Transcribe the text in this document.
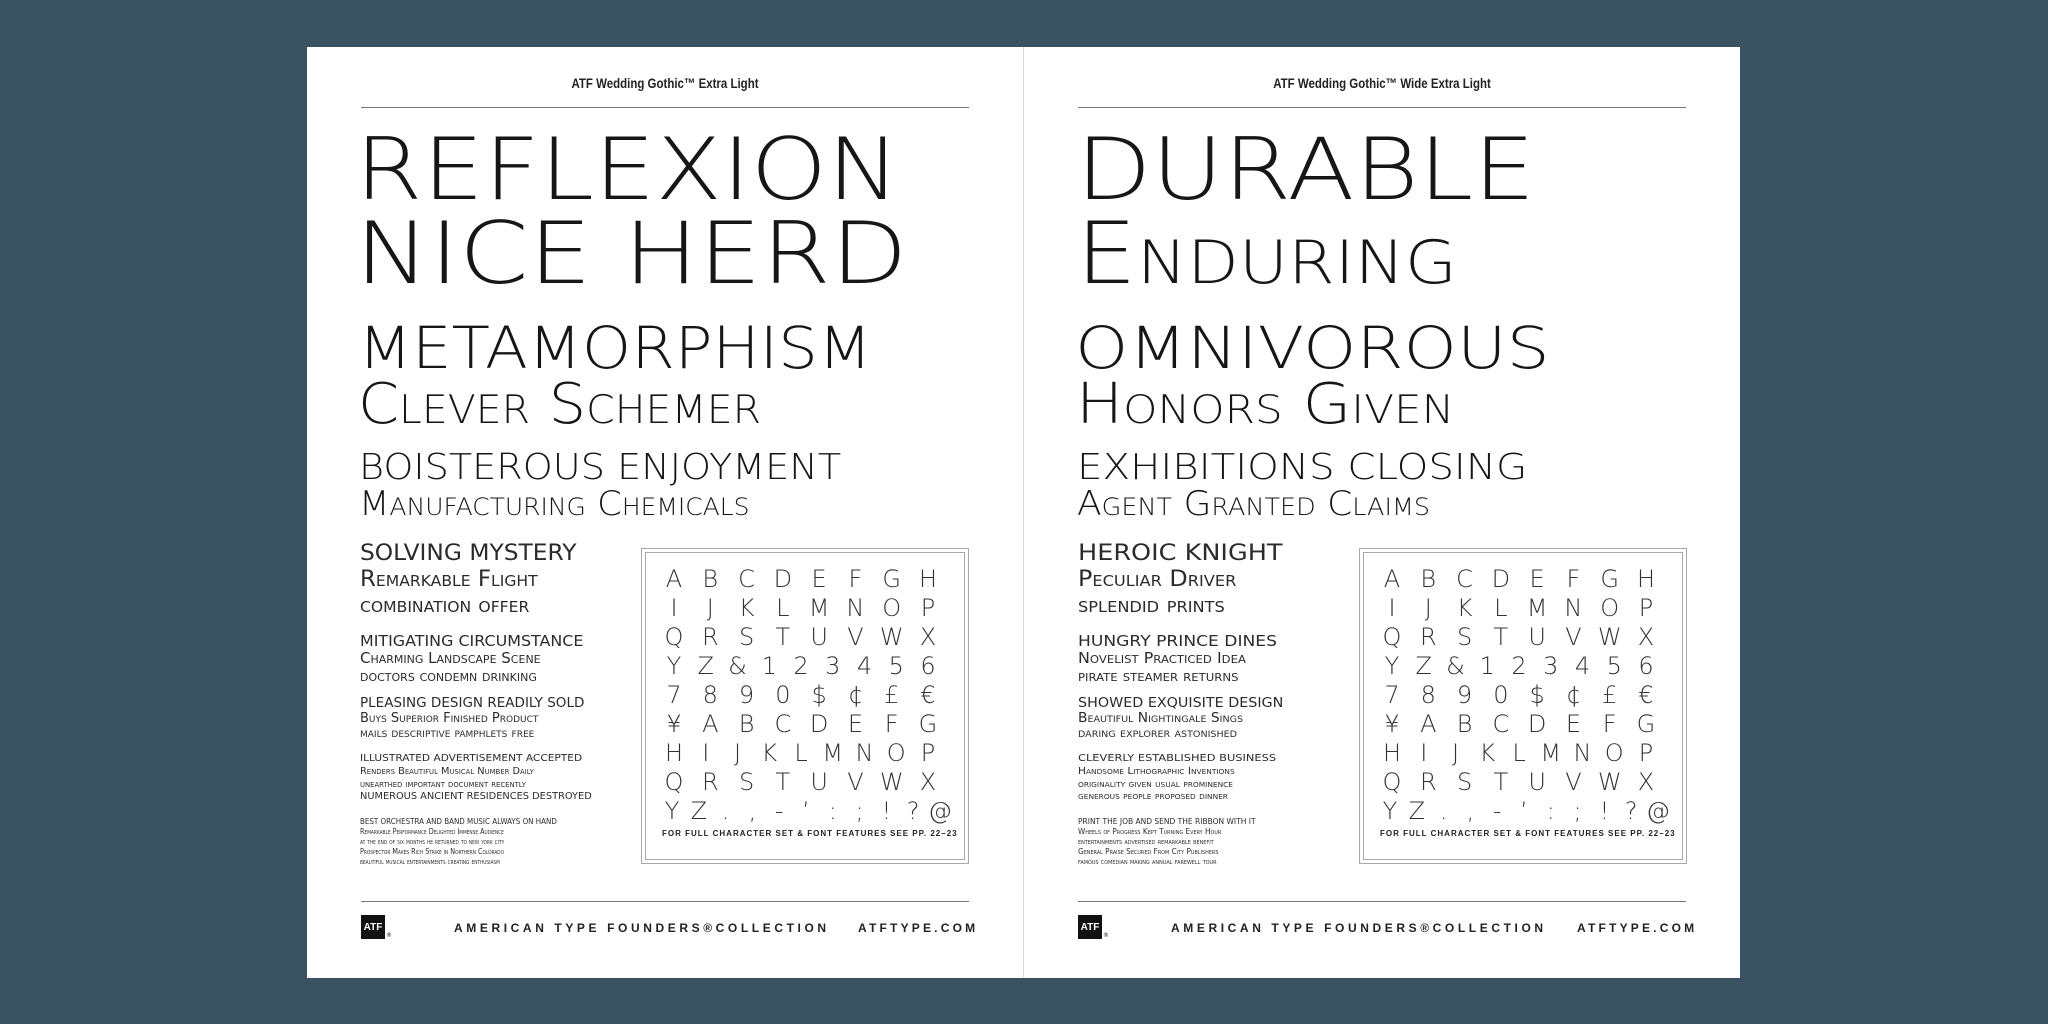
ATF Wedding Gothic™ Extra Light
REFLEXION
NICE HERD
METAMORPHISM
Clever Schemer
BOISTEROUS ENJOYMENT
Manufacturing Chemicals
SOLVING MYSTERY
Remarkable Flight
combination offer
MITIGATING CIRCUMSTANCE
Charming Landscape Scene
doctors condemn drinking
PLEASING DESIGN READILY SOLD
Buys Superior Finished Product
mails descriptive pamphlets free
ILLUSTRATED ADVERTISEMENT ACCEPTED
Renders Beautiful Musical Number Daily
unearthed important document recently
NUMEROUS ANCIENT RESIDENCES DESTROYED
BEST ORCHESTRA AND BAND MUSIC ALWAYS ON HAND
Remarkable Performance Delighted Immense Audience
at the end of six months he returned to new york city
Prospector Makes Rich Strike in Northern Colorado
beautiful musical entertainments creating enthusiasm
A B C D E F G H
I	J	K L M N O P
Q R S T U V W X
Y Z & 1 2 3 4 5 6
7 8 9 0 $ ¢ £ €
¥ A B C D E F G
H I	J K L M N O P
Q R S T U V W X
Y Z . , - ’ : ; ! ? @
FOR FULL CHARACTER SET & FONT FEATURES SEE PP. 22–23
ATF
®
AMERICAN TYPE FOUNDERS®COLLECTION ATFTYPE.COM
ATF Wedding Gothic™ Wide Extra Light
DURABLE
Enduring
OMNIVOROUS
Honors Given
EXHIBITIONS CLOSING
Agent Granted Claims
HEROIC KNIGHT
Peculiar Driver
splendid prints
HUNGRY PRINCE DINES
Novelist Practiced Idea
pirate steamer returns
SHOWED EXQUISITE DESIGN
Beautiful Nightingale Sings
daring explorer astonished
CLEVERLY ESTABLISHED BUSINESS
Handsome Lithographic Inventions
originality given usual prominence
generous people proposed dinner
PRINT THE JOB AND SEND THE RIBBON WITH IT
Wheels of Progress Kept Turning Every Hour
entertainments advertised remarkable benefit
General Praise Secured From City Publishers
famous comedian making annual farewell tour
A B C D E F G H
I	J	K L M N O P
Q R S T U V W X
Y Z & 1 2 3 4 5 6
7 8 9 0 $ ¢ £ €
¥ A B C D E F G
H I	J K L M N O P
Q R S T U V W X
Y Z . , - ’ : ; ! ? @
FOR FULL CHARACTER SET & FONT FEATURES SEE PP. 22–23
ATF
®
AMERICAN TYPE FOUNDERS®COLLECTION	ATFTYPE.COM
